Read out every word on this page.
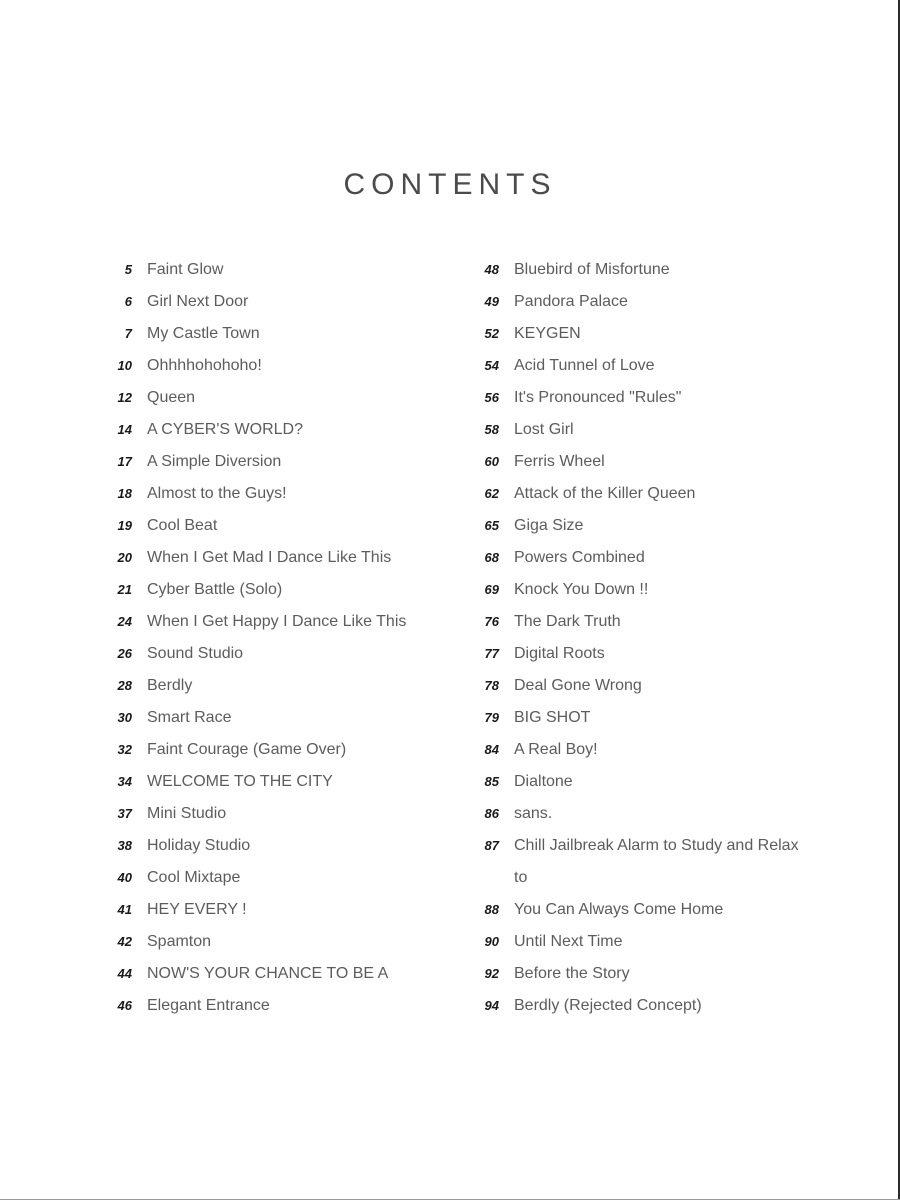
CONTENTS
5 Faint Glow
6 Girl Next Door
7 My Castle Town
10 Ohhhhohohoho!
12 Queen
14 A CYBER'S WORLD?
17 A Simple Diversion
18 Almost to the Guys!
19 Cool Beat
20 When I Get Mad I Dance Like This
21 Cyber Battle (Solo)
24 When I Get Happy I Dance Like This
26 Sound Studio
28 Berdly
30 Smart Race
32 Faint Courage (Game Over)
34 WELCOME TO THE CITY
37 Mini Studio
38 Holiday Studio
40 Cool Mixtape
41 HEY EVERY !
42 Spamton
44 NOW'S YOUR CHANCE TO BE A
46 Elegant Entrance
48 Bluebird of Misfortune
49 Pandora Palace
52 KEYGEN
54 Acid Tunnel of Love
56 It's Pronounced "Rules"
58 Lost Girl
60 Ferris Wheel
62 Attack of the Killer Queen
65 Giga Size
68 Powers Combined
69 Knock You Down !!
76 The Dark Truth
77 Digital Roots
78 Deal Gone Wrong
79 BIG SHOT
84 A Real Boy!
85 Dialtone
86 sans.
87 Chill Jailbreak Alarm to Study and Relax to
88 You Can Always Come Home
90 Until Next Time
92 Before the Story
94 Berdly (Rejected Concept)
